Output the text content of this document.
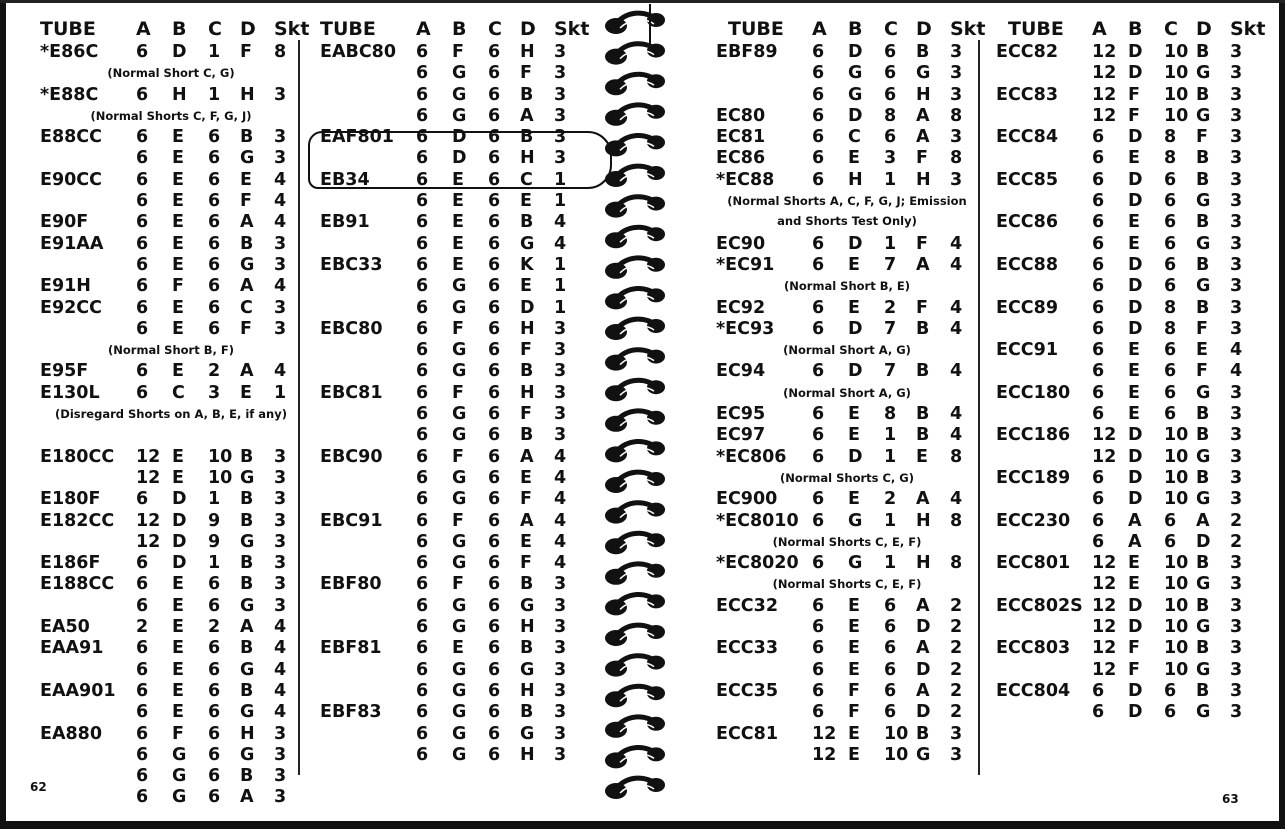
TUBE A B C D Skt
*E86C 6 D 1 F 8
(Normal Short C, G)
*E88C 6 H 1 H 3
(Normal Shorts C, F, G, J)
E88CC 6 E 6 B 3
6 E 6 G 3
E90CC 6 E 6 E 4
6 E 6 F 4
E90F	6 E 6 A 4
E91AA 6 E 6 B 3
6 E 6 G 3
E91H	6 F 6 A 4
E92CC 6 E 6 C 3
6 E 6 F 3
(Normal Short B, F)
E95F	6 E 2 A 4
E130L 6 C 3 E 1
(Disregard Shorts on A, B, E, if any)
E180CC 12 E 10 B 3
12 E 10 G 3
E180F 6 D 1 B 3
E182CC 12 D 9 B 3
12 D 9 G 3
E186F 6 D 1 B 3
E188CC 6 E 6 B 3
6 E 6 G 3
EA50	2 E 2 A 4
EAA91 6 E 6 B 4
6 E 6 G 4
EAA901 6 E 6 B 4
6 E 6 G 4
EA880 6 F 6 H 3
6 G 6 G 3
6 G 6 B 3
6 G 6 A 3
TUBE A B C D Skt
EABC80 6 F 6 H 3
6 G 6 F 3
6 G 6 B 3
6 G 6 A 3
EAF801 6 D 6 B 3
6 D 6 H 3
EB34	6 E 6 C 1
6 E 6 E 1
EB91	6 E 6 B 4
6 E 6 G 4
EBC33 6 E 6 K 1
6 G 6 E 1
6 G 6 D 1
EBC80 6 F 6 H 3
6 G 6 F 3
6 G 6 B 3
EBC81 6 F 6 H 3
6 G 6 F 3
6 G 6 B 3
EBC90 6 F 6 A 4
6 G 6 E 4
6 G 6 F 4
EBC91 6 F 6 A 4
6 G 6 E 4
6 G 6 F 4
EBF80 6 F 6 B 3
6 G 6 G 3
6 G 6 H 3
EBF81 6 E 6 B 3
6 G 6 G 3
6 G 6 H 3
EBF83 6 G 6 B 3
6 G 6 G 3
6 G 6 H 3
TUBE A B C D Skt
EBF89 6 D 6 B 3
6 G 6 G 3
6 G 6 H 3
EC80	6 D 8 A 8
EC81	6 C 6 A 3
EC86	6 E 3 F 8
*EC88 6 H 1 H 3
(Normal Shorts A, C, F, G, J; Emission and Shorts Test Only)
EC90	6 D 1 F 4
*EC91 6 E 7 A 4
(Normal Short B, E)
EC92	6 E 2 F 4
*EC93 6 D 7 B 4
(Normal Short A, G)
EC94	6 D 7 B 4
(Normal Short A, G)
EC95	6 E 8 B 4
EC97	6 E 1 B 4
*EC806 6 D 1 E 8
(Normal Shorts C, G)
EC900 6 E 2 A 4
*EC8010 6 G 1 H 8
(Normal Shorts C, E, F)
*EC8020 6 G 1 H 8
(Normal Shorts C, E, F)
ECC32 6 E 6 A 2
6 E 6 D 2
ECC33 6 E 6 A 2
6 E 6 D 2
ECC35 6 F 6 A 2
6 F 6 D 2
ECC81 12 E 10 B 3
12 E 10 G 3
TUBE A B C D Skt
ECC82 12 D 10 B 3
12 D 10 G 3
ECC83 12 F 10 B 3
12 F 10 G 3
ECC84 6 D 8 F 3
6 E 8 B 3
ECC85 6 D 6 B 3
6 D 6 G 3
ECC86 6 E 6 B 3
6 E 6 G 3
ECC88 6 D 6 B 3
6 D 6 G 3
ECC89 6 D 8 B 3
6 D 8 F 3
ECC91 6 E 6 E 4
6 E 6 F 4
ECC180 6 E 6 G 3
6 E 6 B 3
ECC186 12 D 10 B 3
12 D 10 G 3
ECC189 6 D 10 B 3
6 D 10 G 3
ECC230 6 A 6 A 2
6 A 6 D 2
ECC801 12 E 10 B 3
12 E 10 G 3
ECC802S 12 D 10 B 3
12 D 10 G 3
ECC803 12 F 10 B 3
12 F 10 G 3
ECC804 6 D 6 B 3
6 D 6 G 3
62
63
